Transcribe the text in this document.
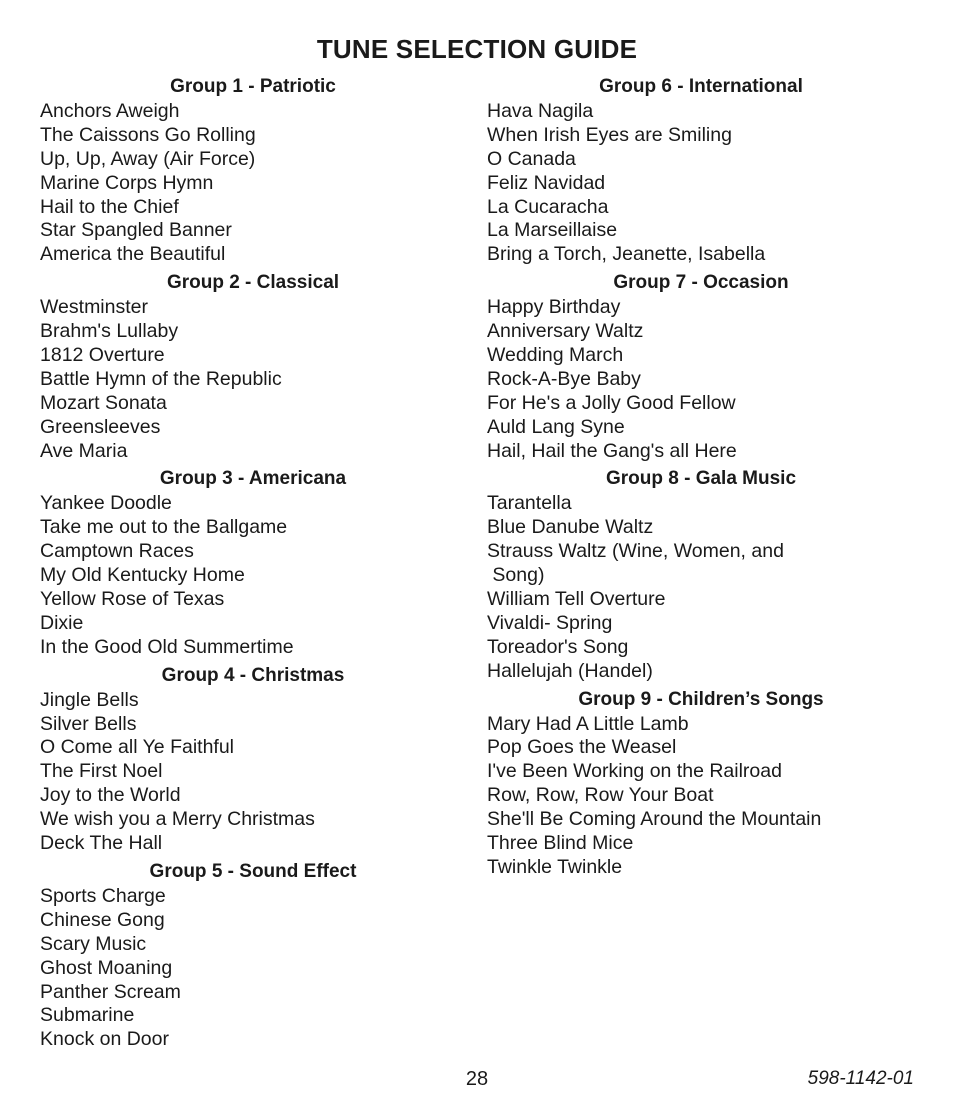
TUNE SELECTION GUIDE
Group 1 - Patriotic
Anchors Aweigh
The Caissons Go Rolling
Up, Up, Away (Air Force)
Marine Corps Hymn
Hail to the Chief
Star Spangled Banner
America the Beautiful
Group 2 - Classical
Westminster
Brahm's Lullaby
1812 Overture
Battle Hymn of the Republic
Mozart Sonata
Greensleeves
Ave Maria
Group 3 - Americana
Yankee Doodle
Take me out to the Ballgame
Camptown Races
My Old Kentucky Home
Yellow Rose of Texas
Dixie
In the Good Old Summertime
Group 4 - Christmas
Jingle Bells
Silver Bells
O Come all Ye Faithful
The First Noel
Joy to the World
We wish you a Merry Christmas
Deck The Hall
Group 5 - Sound Effect
Sports Charge
Chinese Gong
Scary Music
Ghost Moaning
Panther Scream
Submarine
Knock on Door
Group 6 - International
Hava Nagila
When Irish Eyes are Smiling
O Canada
Feliz Navidad
La Cucaracha
La Marseillaise
Bring a Torch, Jeanette, Isabella
Group 7 - Occasion
Happy Birthday
Anniversary Waltz
Wedding March
Rock-A-Bye Baby
For He's a Jolly Good Fellow
Auld Lang Syne
Hail, Hail the Gang's all Here
Group 8 - Gala Music
Tarantella
Blue Danube Waltz
Strauss Waltz (Wine, Women, and
Song)
William Tell Overture
Vivaldi- Spring
Toreador's Song
Hallelujah (Handel)
Group 9 - Children’s Songs
Mary Had A Little Lamb
Pop Goes the Weasel
I've Been Working on the Railroad
Row, Row, Row Your Boat
She'll Be Coming Around the Mountain
Three Blind Mice
Twinkle Twinkle
28	598-1142-01
